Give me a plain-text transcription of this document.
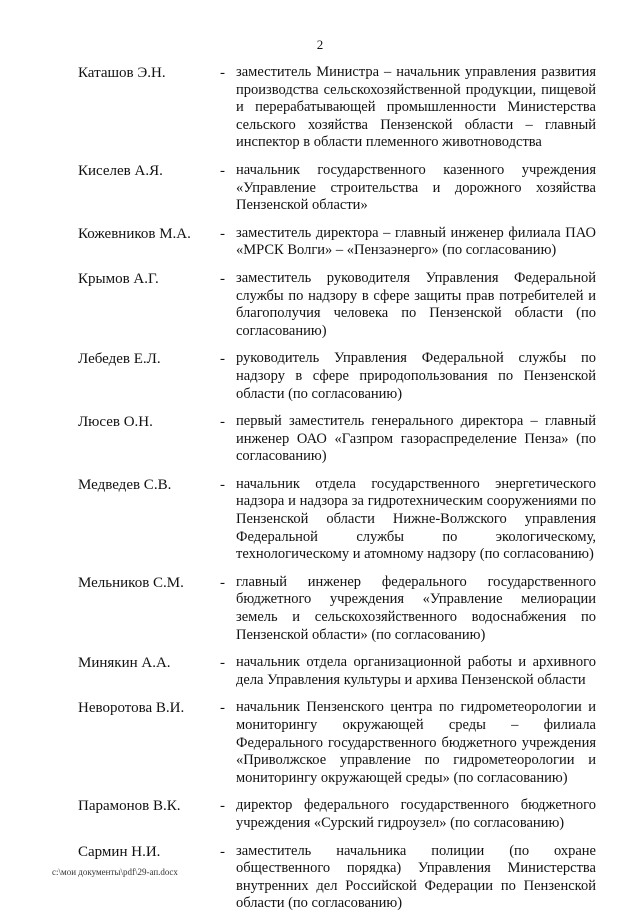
2
Каташов Э.Н.	- заместитель Министра – начальник управления развития производства сельскохозяйственной продукции, пищевой и перерабатывающей промышленности Министерства сельского хозяйства Пензенской области – главный инспектор в области племенного животноводства
Киселев А.Я.	- начальник государственного казенного учреждения «Управление строительства и дорожного хозяйства Пензенской области»
Кожевников М.А.	- заместитель директора – главный инженер филиала ПАО «МРСК Волги» – «Пензаэнерго» (по согласованию)
Крымов А.Г.	- заместитель руководителя Управления Федеральной службы по надзору в сфере защиты прав потребителей и благополучия человека по Пензенской области (по согласованию)
Лебедев Е.Л.	- руководитель Управления Федеральной службы по надзору в сфере природопользования по Пензенской области (по согласованию)
Люсев О.Н.	- первый заместитель генерального директора – главный инженер ОАО «Газпром газораспределение Пенза» (по согласованию)
Медведев С.В.	- начальник отдела государственного энергетического надзора и надзора за гидротехническим сооружениями по Пензенской области Нижне-Волжского управления Федеральной службы по экологическому, технологическому и атомному надзору (по согласованию)
Мельников С.М.	- главный инженер федерального государственного бюджетного учреждения «Управление мелиорации земель и сельскохозяйственного водоснабжения по Пензенской области» (по согласованию)
Минякин А.А.	- начальник отдела организационной работы и архивного дела Управления культуры и архива Пензенской области
Неворотова В.И.	- начальник Пензенского центра по гидрометеорологии и мониторингу окружающей среды – филиала Федерального государственного бюджетного учреждения «Приволжское управление по гидрометеорологии и мониторингу окружающей среды» (по согласованию)
Парамонов В.К.	- директор федерального государственного бюджетного учреждения «Сурский гидроузел» (по согласованию)
Сармин Н.И.	- заместитель начальника полиции (по охране общественного порядка) Управления Министерства внутренних дел Российской Федерации по Пензенской области (по согласованию)
c:\мои документы\pdf\29-ап.docx
